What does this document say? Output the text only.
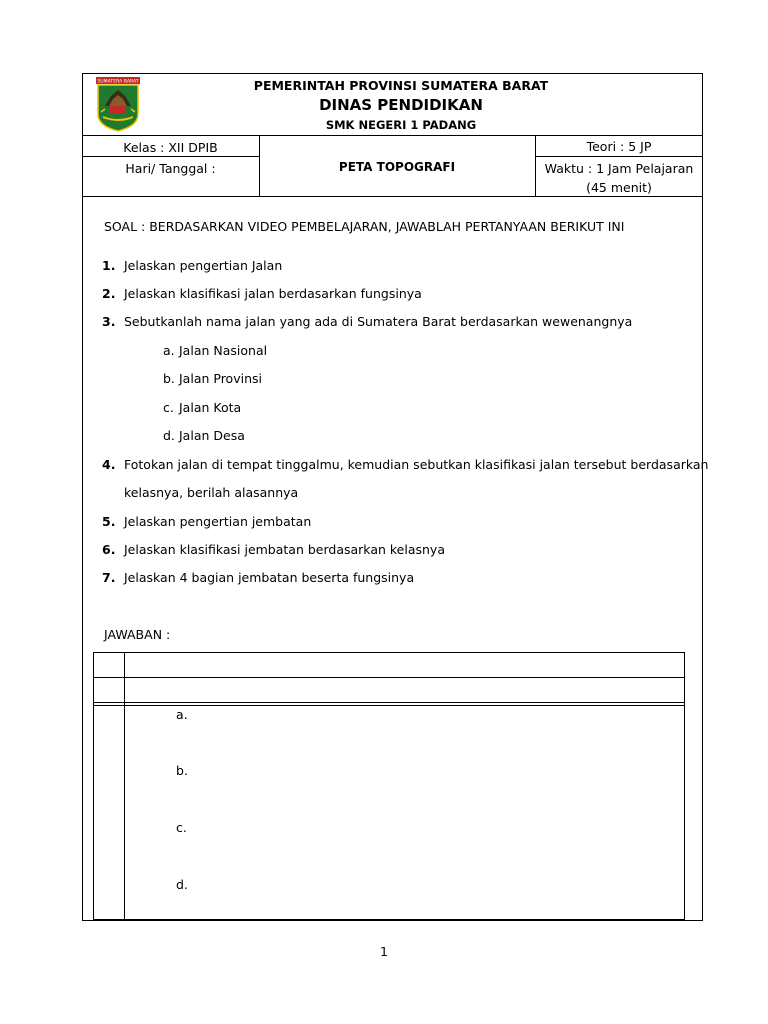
SUMATERA BARAT	PEMERINTAH PROVINSI SUMATERA BARAT
DINAS PENDIDIKAN
SMK NEGERI 1 PADANG
Kelas : XII DPIB
Hari/ Tanggal :	PETA TOPOGRAFI
Teori : 5 JP
Waktu : 1 Jam Pelajaran
(45 menit)
SOAL : BERDASARKAN VIDEO PEMBELAJARAN, JAWABLAH PERTANYAAN BERIKUT INI
1. Jelaskan pengertian Jalan
2. Jelaskan klasifikasi jalan berdasarkan fungsinya
3. Sebutkanlah nama jalan yang ada di Sumatera Barat berdasarkan wewenangnya
a. Jalan Nasional
b. Jalan Provinsi
c. Jalan Kota
d. Jalan Desa
4. Fotokan jalan di tempat tinggalmu, kemudian sebutkan klasifikasi jalan tersebut berdasarkan
kelasnya, berilah alasannya
5. Jelaskan pengertian jembatan
6. Jelaskan klasifikasi jembatan berdasarkan kelasnya
7. Jelaskan 4 bagian jembatan beserta fungsinya
JAWABAN :
a.
b.
c.
d.
1
